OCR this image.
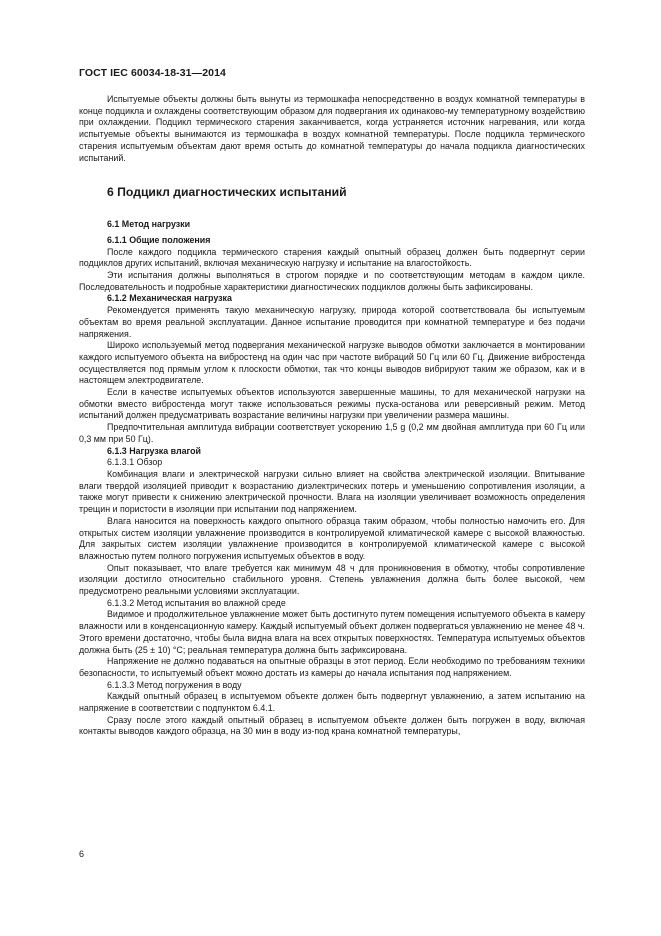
ГОСТ IEC 60034-18-31—2014

Испытуемые объекты должны быть вынуты из термошкафа непосредственно в воздух комнатной температуры в конце подцикла и охлаждены соответствующим образом для подвергания их одинаково-му температурному воздействию при охлаждении. Подцикл термического старения заканчивается, когда устраняется источник нагревания, или когда испытуемые объекты вынимаются из термошкафа в воздух комнатной температуры. После подцикла термического старения испытуемым объектам дают время остыть до комнатной температуры до начала подцикла диагностических испытаний.

6 Подцикл диагностических испытаний
6.1 Метод нагрузки
6.1.1 Общие положения

После каждого подцикла термического старения каждый опытный образец должен быть подвергнут серии подциклов других испытаний, включая механическую нагрузку и испытание на влагостойкость.

Эти испытания должны выполняться в строгом порядке и по соответствующим методам в каждом цикле. Последовательность и подробные характеристики диагностических подциклов должны быть зафиксированы.

6.1.2 Механическая нагрузка

Рекомендуется применять такую механическую нагрузку, природа которой соответствовала бы испытуемым объектам во время реальной эксплуатации. Данное испытание проводится при комнатной температуре и без подачи напряжения.

Широко используемый метод подвергания механической нагрузке выводов обмотки заключается в монтировании каждого испытуемого объекта на вибростенд на один час при частоте вибраций 50 Гц или 60 Гц. Движение вибростенда осуществляется под прямым углом к плоскости обмотки, так что концы выводов вибрируют таким же образом, как и в настоящем электродвигателе.

Если в качестве испытуемых объектов используются завершенные машины, то для механической нагрузки на обмотки вместо вибростенда могут также использоваться режимы пуска-останова или реверсивный режим. Метод испытаний должен предусматривать возрастание величины нагрузки при увеличении размера машины.

Предпочтительная амплитуда вибрации соответствует ускорению 1,5 g (0,2 мм двойная амплитуда при 60 Гц или 0,3 мм при 50 Гц).

6.1.3 Нагрузка влагой
6.1.3.1 Обзор

Комбинация влаги и электрической нагрузки сильно влияет на свойства электрической изоляции. Впитывание влаги твердой изоляцией приводит к возрастанию диэлектрических потерь и уменьшению сопротивления изоляции, а также могут привести к снижению электрической прочности. Влага на изоляции увеличивает возможность определения трещин и пористости в изоляции при испытании под напряжением.

Влага наносится на поверхность каждого опытного образца таким образом, чтобы полностью намочить его. Для открытых систем изоляции увлажнение производится в контролируемой климатической камере с высокой влажностью. Для закрытых систем изоляции увлажнение производится в контролируемой климатической камере с высокой влажностью путем полного погружения испытуемых объектов в воду.

Опыт показывает, что влаге требуется как минимум 48 ч для проникновения в обмотку, чтобы сопротивление изоляции достигло относительно стабильного уровня. Степень увлажнения должна быть более высокой, чем предусмотрено реальными условиями эксплуатации.

6.1.3.2 Метод испытания во влажной среде

Видимое и продолжительное увлажнение может быть достигнуто путем помещения испытуемого объекта в камеру влажности или в конденсационную камеру. Каждый испытуемый объект должен подвергаться увлажнению не менее 48 ч. Этого времени достаточно, чтобы была видна влага на всех открытых поверхностях. Температура испытуемых объектов должна быть (25 ± 10) °С; реальная температура должна быть зафиксирована.

Напряжение не должно подаваться на опытные образцы в этот период. Если необходимо по требованиям техники безопасности, то испытуемый объект можно достать из камеры до начала испытания под напряжением.

6.1.3.3 Метод погружения в воду

Каждый опытный образец в испытуемом объекте должен быть подвергнут увлажнению, а затем испытанию на напряжение в соответствии с подпунктом 6.4.1.

Сразу после этого каждый опытный образец в испытуемом объекте должен быть погружен в воду, включая контакты выводов каждого образца, на 30 мин в воду из-под крана комнатной температуры,

6
